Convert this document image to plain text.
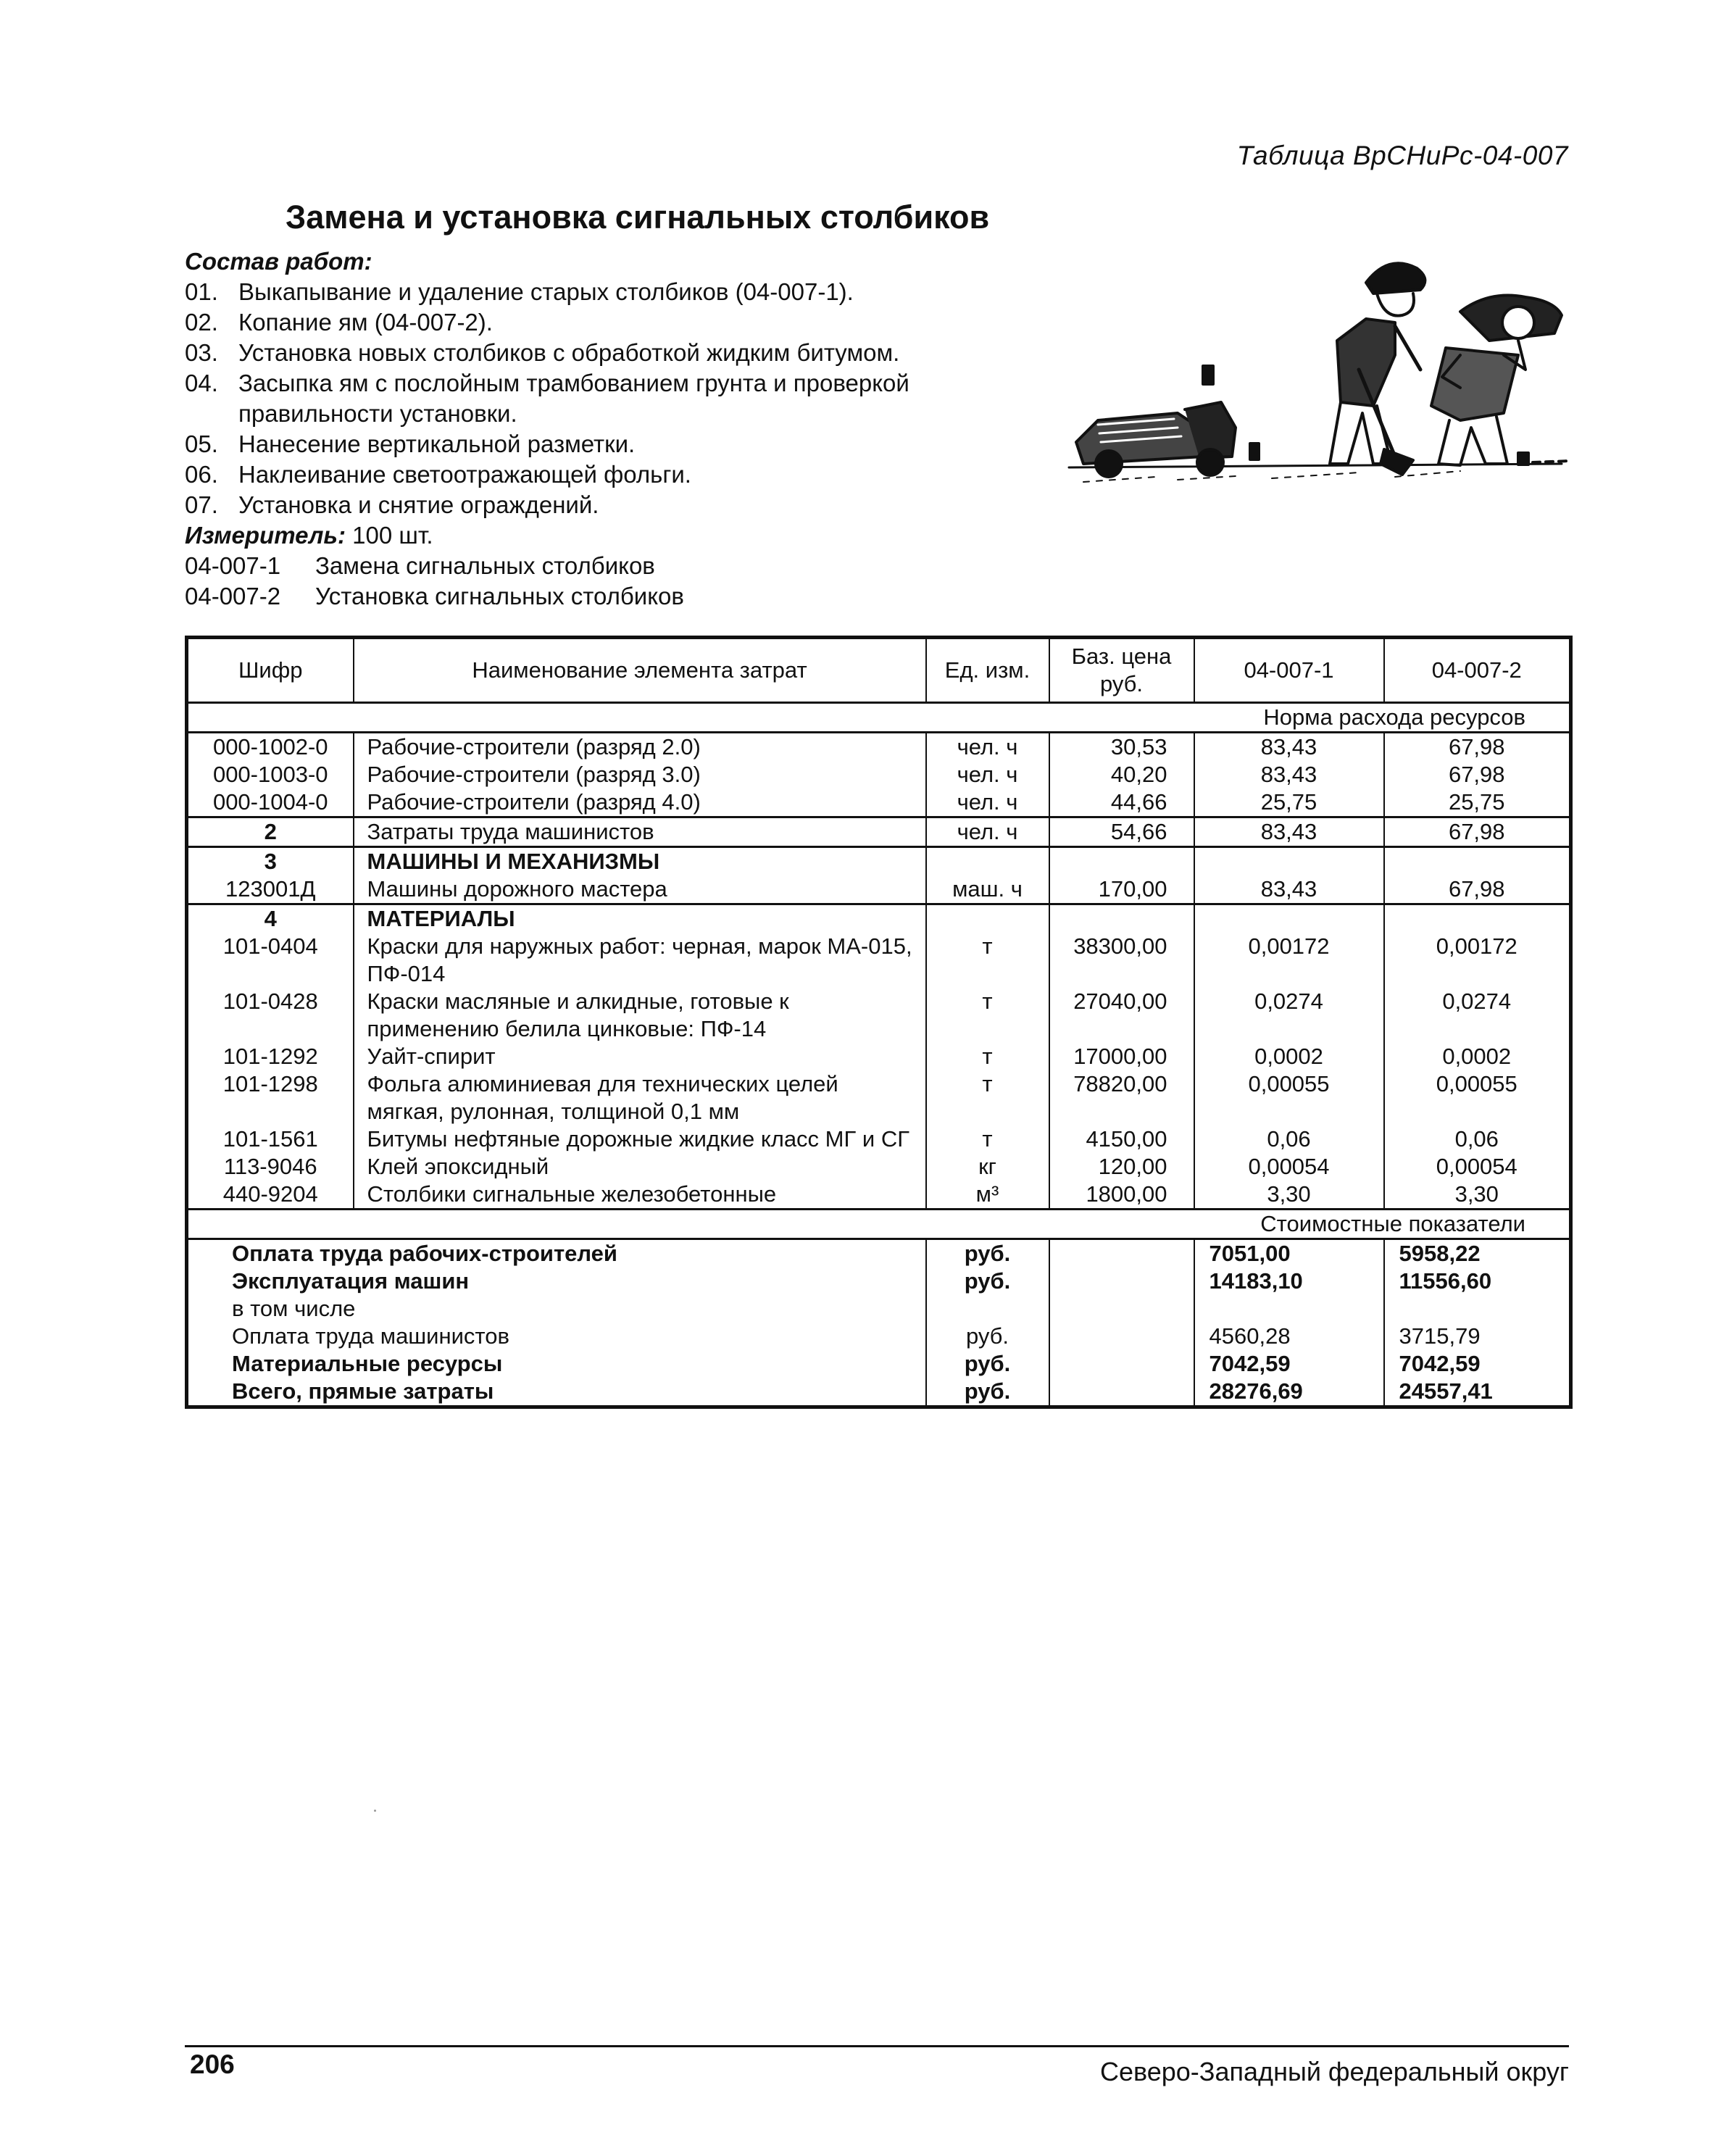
Таблица ВрСНиРс-04-007
Замена и установка сигнальных столбиков
Состав работ:
01. Выкапывание и удаление старых столбиков (04-007-1).
02. Копание ям (04-007-2).
03. Установка новых столбиков с обработкой жидким битумом.
04. Засыпка ям с послойным трамбованием грунта и проверкой правильности установки.
05. Нанесение вертикальной разметки.
06. Наклеивание светоотражающей фольги.
07. Установка и снятие ограждений.
Измеритель: 100 шт.
04-007-1 Замена сигнальных столбиков
04-007-2 Установка сигнальных столбиков
Шифр	Наименование элемента затрат	Ед. изм.	Баз. цена руб.	04-007-1	04-007-2
Норма расхода ресурсов					
000-1002-0	Рабочие-строители (разряд 2.0)	чел. ч	30,53	83,43	67,98
000-1003-0	Рабочие-строители (разряд 3.0)	чел. ч	40,20	83,43	67,98
000-1004-0	Рабочие-строители (разряд 4.0)	чел. ч	44,66	25,75	25,75
2	Затраты труда машинистов	чел. ч	54,66	83,43	67,98
3	МАШИНЫ И МЕХАНИЗМЫ				
123001Д	Машины дорожного мастера	маш. ч	170,00	83,43	67,98
4	МАТЕРИАЛЫ				
101-0404	Краски для наружных работ: черная, марок МА-015, ПФ-014	т	38300,00	0,00172	0,00172
101-0428	Краски масляные и алкидные, готовые к применению белила цинковые: ПФ-14	т	27040,00	0,0274	0,0274
101-1292	Уайт-спирит	т	17000,00	0,0002	0,0002
101-1298	Фольга алюминиевая для технических целей мягкая, рулонная, толщиной 0,1 мм	т	78820,00	0,00055	0,00055
101-1561	Битумы нефтяные дорожные жидкие класс МГ и СГ	т	4150,00	0,06	0,06
113-9046	Клей эпоксидный	кг	120,00	0,00054	0,00054
440-9204	Столбики сигнальные железобетонные	м³	1800,00	3,30	3,30
Стоимостные показатели					
Оплата труда рабочих-строителей		руб.		7051,00	5958,22
Эксплуатация машин		руб.		14183,10	11556,60
в том числе					
Оплата труда машинистов		руб.		4560,28	3715,79
Материальные ресурсы		руб.		7042,59	7042,59
Всего, прямые затраты		руб.		28276,69	24557,41
206	Северо-Западный федеральный округ
